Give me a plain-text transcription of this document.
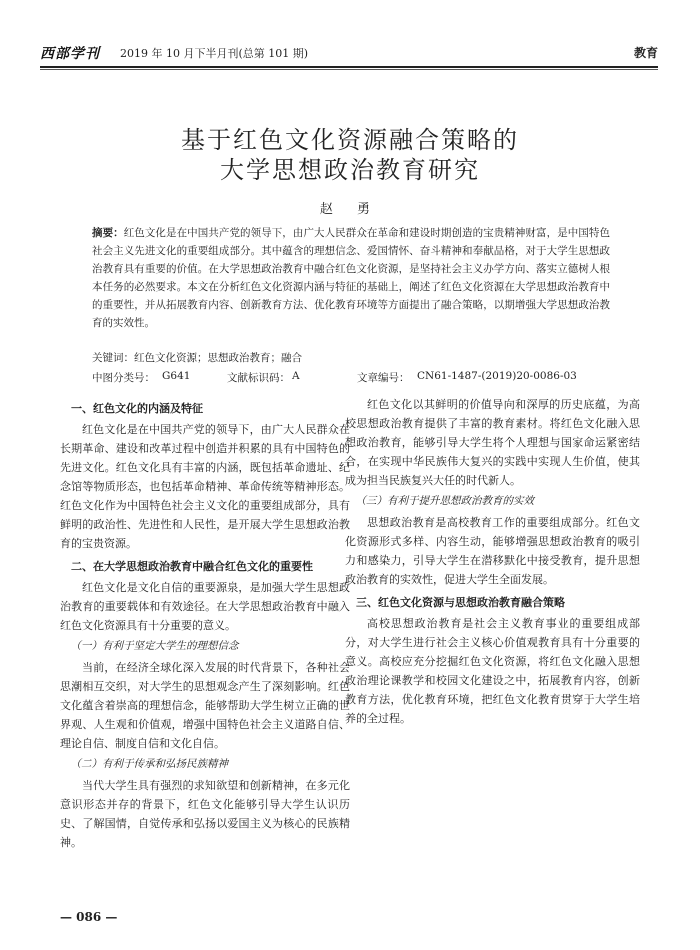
西部学刊 2019 年 10 月下半月刊(总第 101 期)	教育
基于红色文化资源融合策略的
大学思想政治教育研究
赵 勇
摘要：红色文化是在中国共产党的领导下，由广大人民群众在革命和建设时期创造的宝贵精神财富，是中国特色社会主义先进文化的重要组成部分。其中蕴含的理想信念、爱国情怀、奋斗精神和奉献品格，对于大学生思想政治教育具有重要的价值。在大学思想政治教育中融合红色文化资源，是坚持社会主义办学方向、落实立德树人根本任务的必然要求。本文在分析红色文化资源内涵与特征的基础上，阐述了红色文化资源在大学思想政治教育中的重要性，并从拓展教育内容、创新教育方法、优化教育环境等方面提出了融合策略，以期增强大学思想政治教育的实效性。
关键词：红色文化资源；思想政治教育；融合
中图分类号： G641	文献标识码： A	文章编号： CN61-1487-(2019)20-0086-03
一、红色文化的内涵及特征

红色文化是在中国共产党的领导下，由广大人民群众在长期革命、建设和改革过程中创造并积累的具有中国特色的先进文化。红色文化具有丰富的内涵，既包括革命遗址、纪念馆等物质形态，也包括革命精神、革命传统等精神形态。红色文化作为中国特色社会主义文化的重要组成部分，具有鲜明的政治性、先进性和人民性，是开展大学生思想政治教育的宝贵资源。

二、在大学思想政治教育中融合红色文化的重要性

红色文化是文化自信的重要源泉，是加强大学生思想政治教育的重要载体和有效途径。在大学思想政治教育中融入红色文化资源具有十分重要的意义。

（一）有利于坚定大学生的理想信念

当前，在经济全球化深入发展的时代背景下，各种社会思潮相互交织，对大学生的思想观念产生了深刻影响。红色文化蕴含着崇高的理想信念，能够帮助大学生树立正确的世界观、人生观和价值观，增强中国特色社会主义道路自信、理论自信、制度自信和文化自信。

（二）有利于传承和弘扬民族精神

当代大学生具有强烈的求知欲望和创新精神，在多元化意识形态并存的背景下，红色文化能够引导大学生认识历史、了解国情，自觉传承和弘扬以爱国主义为核心的民族精神。

红色文化以其鲜明的价值导向和深厚的历史底蕴，为高校思想政治教育提供了丰富的教育素材。将红色文化融入思想政治教育，能够引导大学生将个人理想与国家命运紧密结合，在实现中华民族伟大复兴的实践中实现人生价值，使其成为担当民族复兴大任的时代新人。

（三）有利于提升思想政治教育的实效

思想政治教育是高校教育工作的重要组成部分。红色文化资源形式多样、内容生动，能够增强思想政治教育的吸引力和感染力，引导大学生在潜移默化中接受教育，提升思想政治教育的实效性，促进大学生全面发展。

三、红色文化资源与思想政治教育融合策略

高校思想政治教育是社会主义教育事业的重要组成部分，对大学生进行社会主义核心价值观教育具有十分重要的意义。高校应充分挖掘红色文化资源，将红色文化融入思想政治理论课教学和校园文化建设之中，拓展教育内容，创新教育方法，优化教育环境，把红色文化教育贯穿于大学生培养的全过程。

— 086 —
